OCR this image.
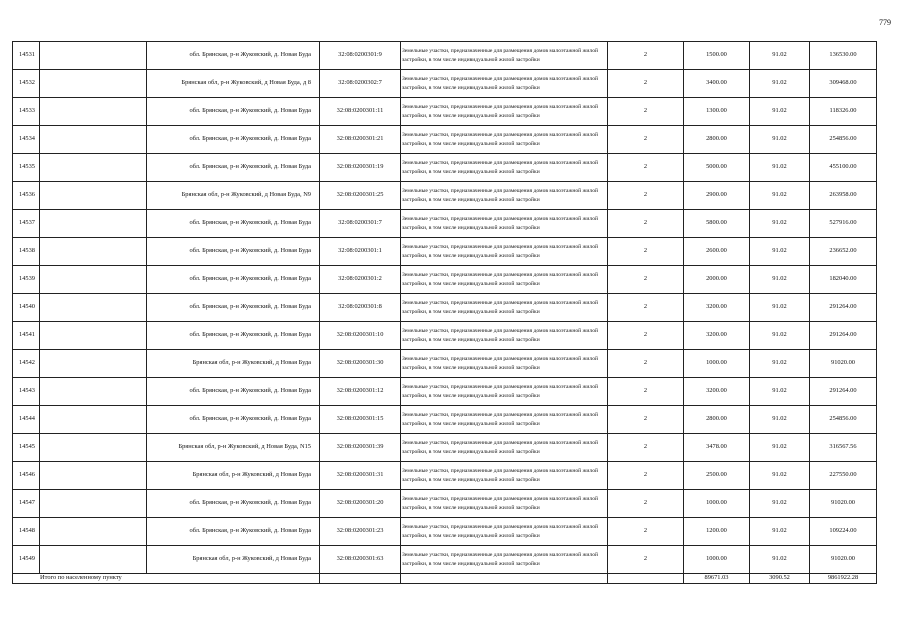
779
14531		обл. Брянская, р-н Жуковский, д. Новая Буда	32:08:0200301:9	Земельные участки, предназначенные для размещения домов малоэтажной жилой застройки, в том числе индивидуальной жилой застройки	2	1500.00	91.02	136530.00
14532		Брянская обл, р-н Жуковский, д Новая Буда, д 8	32:08:0200302:7	Земельные участки, предназначенные для размещения домов малоэтажной жилой застройки, в том числе индивидуальной жилой застройки	2	3400.00	91.02	309468.00
14533		обл. Брянская, р-н Жуковский, д. Новая Буда	32:08:0200301:11	Земельные участки, предназначенные для размещения домов малоэтажной жилой застройки, в том числе индивидуальной жилой застройки	2	1300.00	91.02	118326.00
14534		обл. Брянская, р-н Жуковский, д. Новая Буда	32:08:0200301:21	Земельные участки, предназначенные для размещения домов малоэтажной жилой застройки, в том числе индивидуальной жилой застройки	2	2800.00	91.02	254856.00
14535		обл. Брянская, р-н Жуковский, д. Новая Буда	32:08:0200301:19	Земельные участки, предназначенные для размещения домов малоэтажной жилой застройки, в том числе индивидуальной жилой застройки	2	5000.00	91.02	455100.00
14536		Брянская обл, р-н Жуковский, д Новая Буда, N9	32:08:0200301:25	Земельные участки, предназначенные для размещения домов малоэтажной жилой застройки, в том числе индивидуальной жилой застройки	2	2900.00	91.02	263958.00
14537		обл. Брянская, р-н Жуковский, д. Новая Буда	32:08:0200301:7	Земельные участки, предназначенные для размещения домов малоэтажной жилой застройки, в том числе индивидуальной жилой застройки	2	5800.00	91.02	527916.00
14538		обл. Брянская, р-н Жуковский, д. Новая Буда	32:08:0200301:1	Земельные участки, предназначенные для размещения домов малоэтажной жилой застройки, в том числе индивидуальной жилой застройки	2	2600.00	91.02	236652.00
14539		обл. Брянская, р-н Жуковский, д. Новая Буда	32:08:0200301:2	Земельные участки, предназначенные для размещения домов малоэтажной жилой застройки, в том числе индивидуальной жилой застройки	2	2000.00	91.02	182040.00
14540		обл. Брянская, р-н Жуковский, д. Новая Буда	32:08:0200301:8	Земельные участки, предназначенные для размещения домов малоэтажной жилой застройки, в том числе индивидуальной жилой застройки	2	3200.00	91.02	291264.00
14541		обл. Брянская, р-н Жуковский, д. Новая Буда	32:08:0200301:10	Земельные участки, предназначенные для размещения домов малоэтажной жилой застройки, в том числе индивидуальной жилой застройки	2	3200.00	91.02	291264.00
14542		Брянская обл, р-н Жуковский, д Новая Буда	32:08:0200301:30	Земельные участки, предназначенные для размещения домов малоэтажной жилой застройки, в том числе индивидуальной жилой застройки	2	1000.00	91.02	91020.00
14543		обл. Брянская, р-н Жуковский, д. Новая Буда	32:08:0200301:12	Земельные участки, предназначенные для размещения домов малоэтажной жилой застройки, в том числе индивидуальной жилой застройки	2	3200.00	91.02	291264.00
14544		обл. Брянская, р-н Жуковский, д. Новая Буда	32:08:0200301:15	Земельные участки, предназначенные для размещения домов малоэтажной жилой застройки, в том числе индивидуальной жилой застройки	2	2800.00	91.02	254856.00
14545		Брянская обл, р-н Жуковский, д Новая Буда, N15	32:08:0200301:39	Земельные участки, предназначенные для размещения домов малоэтажной жилой застройки, в том числе индивидуальной жилой застройки	2	3478.00	91.02	316567.56
14546		Брянская обл, р-н Жуковский, д Новая Буда	32:08:0200301:31	Земельные участки, предназначенные для размещения домов малоэтажной жилой застройки, в том числе индивидуальной жилой застройки	2	2500.00	91.02	227550.00
14547		обл. Брянская, р-н Жуковский, д. Новая Буда	32:08:0200301:20	Земельные участки, предназначенные для размещения домов малоэтажной жилой застройки, в том числе индивидуальной жилой застройки	2	1000.00	91.02	91020.00
14548		обл. Брянская, р-н Жуковский, д. Новая Буда	32:08:0200301:23	Земельные участки, предназначенные для размещения домов малоэтажной жилой застройки, в том числе индивидуальной жилой застройки	2	1200.00	91.02	109224.00
14549		Брянская обл, р-н Жуковский, д Новая Буда	32:08:0200301:63	Земельные участки, предназначенные для размещения домов малоэтажной жилой застройки, в том числе индивидуальной жилой застройки	2	1000.00	91.02	91020.00
Итого по населенному пункту						89671.03	3090.52	9861922.28
